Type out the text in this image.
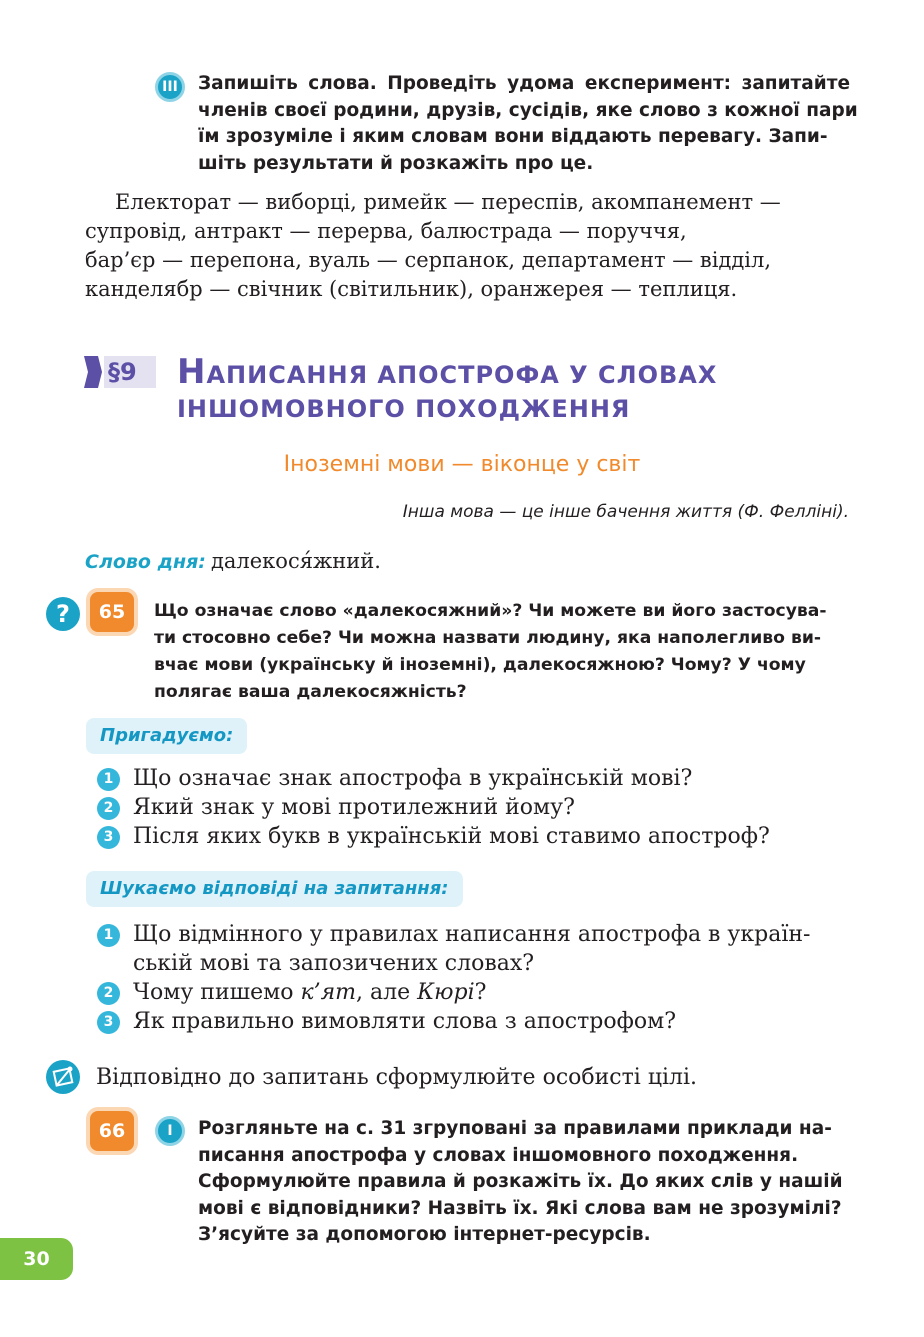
III	Запишіть слова. Проведіть удома експеримент: запитайте
членів своєї родини, друзів, сусідів, яке слово з кожної пари
їм зрозуміле і яким словам вони віддають перевагу. Запи-
шіть результати й розкажіть про це.
Електорат — виборці, римейк — переспів, акомпанемент —
супровід, антракт — перерва, балюстрада — поруччя,
бар’єр — перепона, вуаль — серпанок, департамент — відділ,
канделябр — свічник (світильник), оранжерея — теплиця.
§9 НАПИСАННЯ АПОСТРОФА У СЛОВАХ
ІНШОМОВНОГО ПОХОДЖЕННЯ
Іноземні мови — віконце у світ
Інша мова — це інше бачення життя (Ф. Фелліні).
Слово дня: далекося́жний.
?	65	Що означає слово «далекосяжний»? Чи можете ви його застосува-
ти стосовно себе? Чи можна назвати людину, яка наполегливо ви-
вчає мови (українську й іноземні), далекосяжною? Чому? У чому
полягає ваша далекосяжність?
Пригадуємо:
1 Що означає знак апострофа в українській мові?
2 Який знак у мові протилежний йому?
3 Після яких букв в українській мові ставимо апостроф?
Шукаємо відповіді на запитання:
1 Що відмінного у правилах написання апострофа в україн-
ській мові та запозичених словах?
2 Чому пишемо к’ят, але Кюрі?
3 Як правильно вимовляти слова з апострофом?
Відповідно до запитань сформулюйте особисті цілі.
66	I	Розгляньте на с. 31 згруповані за правилами приклади на-
писання апострофа у словах іншомовного походження.
Сформулюйте правила й розкажіть їх. До яких слів у нашій
мові є відповідники? Назвіть їх. Які слова вам не зрозумілі?
З’ясуйте за допомогою інтернет-ресурсів.
30
